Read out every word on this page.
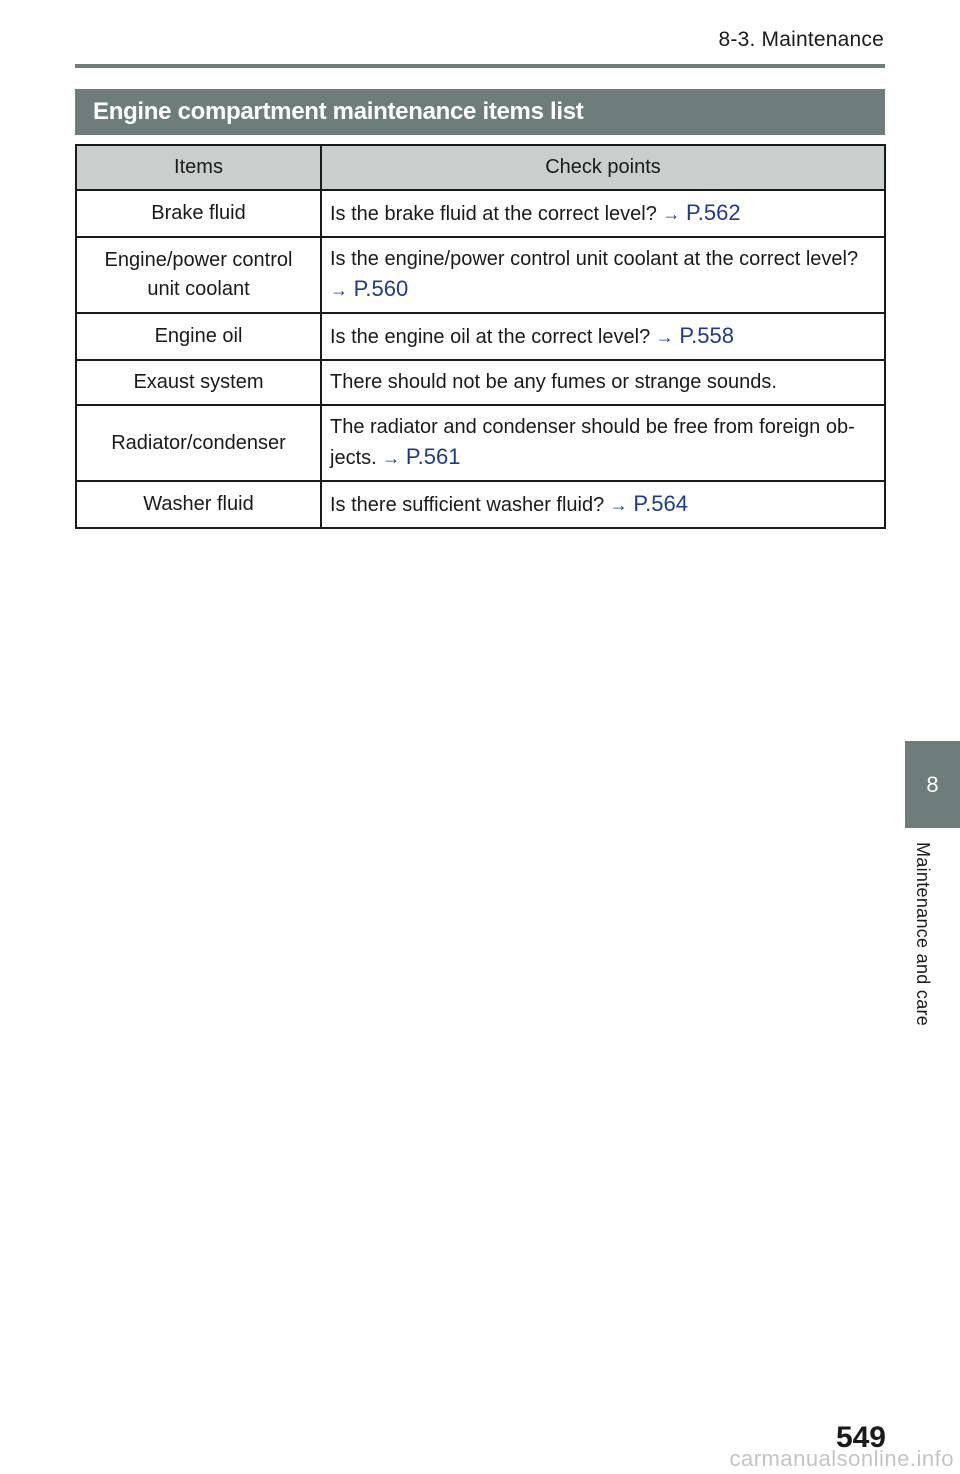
8-3. Maintenance
Engine compartment maintenance items list
Items	Check points
Brake fluid	Is the brake fluid at the correct level? → P.562
Engine/power control unit coolant	Is the engine/power control unit coolant at the correct level? → P.560
Engine oil	Is the engine oil at the correct level? → P.558
Exaust system	There should not be any fumes or strange sounds.
Radiator/condenser	The radiator and condenser should be free from foreign ob-jects. → P.561
Washer fluid	Is there sufficient washer fluid? → P.564
8
Maintenance and care
549
carmanualsonline.info
